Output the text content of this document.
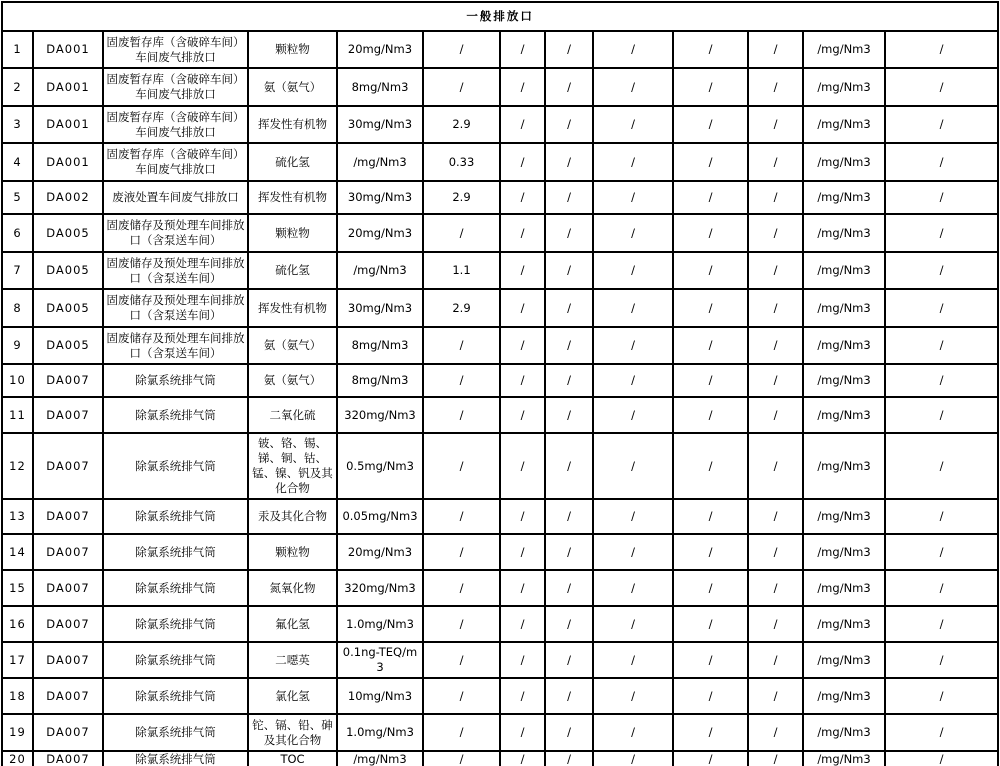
一般排放口												
1	DA001	固废暂存库（含破碎车间）车间废气排放口	颗粒物	20mg/Nm3	/	/	/	/	/	/	/mg/Nm3	/
2	DA001	固废暂存库（含破碎车间）车间废气排放口	氨（氨气）	8mg/Nm3	/	/	/	/	/	/	/mg/Nm3	/
3	DA001	固废暂存库（含破碎车间）车间废气排放口	挥发性有机物	30mg/Nm3	2.9	/	/	/	/	/	/mg/Nm3	/
4	DA001	固废暂存库（含破碎车间）车间废气排放口	硫化氢	/mg/Nm3	0.33	/	/	/	/	/	/mg/Nm3	/
5	DA002	废液处置车间废气排放口	挥发性有机物	30mg/Nm3	2.9	/	/	/	/	/	/mg/Nm3	/
6	DA005	固废储存及预处理车间排放口（含泵送车间）	颗粒物	20mg/Nm3	/	/	/	/	/	/	/mg/Nm3	/
7	DA005	固废储存及预处理车间排放口（含泵送车间）	硫化氢	/mg/Nm3	1.1	/	/	/	/	/	/mg/Nm3	/
8	DA005	固废储存及预处理车间排放口（含泵送车间）	挥发性有机物	30mg/Nm3	2.9	/	/	/	/	/	/mg/Nm3	/
9	DA005	固废储存及预处理车间排放口（含泵送车间）	氨（氨气）	8mg/Nm3	/	/	/	/	/	/	/mg/Nm3	/
10	DA007	除氯系统排气筒	氨（氨气）	8mg/Nm3	/	/	/	/	/	/	/mg/Nm3	/
11	DA007	除氯系统排气筒	二氧化硫	320mg/Nm3	/	/	/	/	/	/	/mg/Nm3	/
12	DA007	除氯系统排气筒	铍、铬、锡、锑、铜、钴、锰、镍、钒及其化合物	0.5mg/Nm3	/	/	/	/	/	/	/mg/Nm3	/
13	DA007	除氯系统排气筒	汞及其化合物	0.05mg/Nm3	/	/	/	/	/	/	/mg/Nm3	/
14	DA007	除氯系统排气筒	颗粒物	20mg/Nm3	/	/	/	/	/	/	/mg/Nm3	/
15	DA007	除氯系统排气筒	氮氧化物	320mg/Nm3	/	/	/	/	/	/	/mg/Nm3	/
16	DA007	除氯系统排气筒	氟化氢	1.0mg/Nm3	/	/	/	/	/	/	/mg/Nm3	/
17	DA007	除氯系统排气筒	二噁英	0.1ng-TEQ/m3	/	/	/	/	/	/	/mg/Nm3	/
18	DA007	除氯系统排气筒	氯化氢	10mg/Nm3	/	/	/	/	/	/	/mg/Nm3	/
19	DA007	除氯系统排气筒	铊、镉、铅、砷及其化合物	1.0mg/Nm3	/	/	/	/	/	/	/mg/Nm3	/
20	DA007	除氯系统排气筒	TOC	/mg/Nm3	/	/	/	/	/	/	/mg/Nm3	/
